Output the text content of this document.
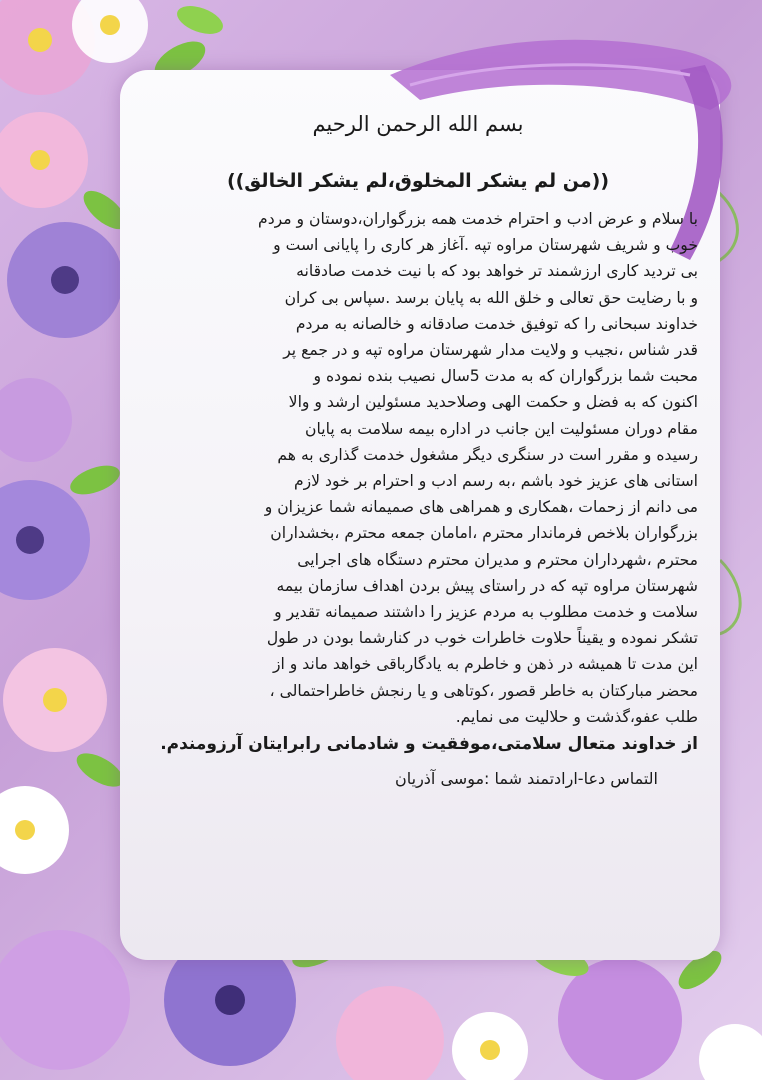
بسم الله الرحمن الرحیم

((من لم یشکر المخلوق،لم یشکر الخالق))

با سلام و عرض ادب و احترام خدمت همه بزرگواران،دوستان و مردم

خوب و شریف شهرستان مراوه تپه .آغاز هر کاری را پایانی است و

بی تردید کاری ارزشمند تر خواهد بود که با نیت خدمت صادقانه

و با رضایت حق تعالی و خلق الله به پایان برسد .سپاس بی کران

خداوند سبحانی را که توفیق خدمت صادقانه و خالصانه به مردم

قدر شناس ،نجیب و ولایت مدار شهرستان مراوه تپه و در جمع پر

محبت شما بزرگواران که به مدت 5سال نصیب بنده نموده و

اکنون که به فضل و حکمت الهی وصلاحدید مسئولین ارشد و والا

مقام دوران مسئولیت این جانب در اداره بیمه سلامت به پایان

رسیده و مقرر است در سنگری دیگر مشغول خدمت گذاری به هم

استانی های عزیز خود باشم ،به رسم ادب و احترام بر خود لازم

می دانم از زحمات ،همکاری و همراهی های صمیمانه شما عزیزان و

بزرگواران بلاخص فرماندار محترم ،امامان جمعه محترم ،بخشداران

محترم ،شهرداران محترم و مدیران محترم دستگاه های اجرایی

شهرستان مراوه تپه که در راستای پیش بردن اهداف سازمان بیمه

سلامت و خدمت مطلوب به مردم عزیز را داشتند صمیمانه تقدیر و

تشکر نموده و یقیناً حلاوت خاطرات خوب در کنارشما بودن در طول

این مدت تا همیشه در ذهن و خاطرم به یادگارباقی خواهد ماند و از

محضر مبارکتان به خاطر قصور ،کوتاهی و یا رنجش خاطراحتمالی ،

طلب عفو،گذشت و حلالیت می نمایم.

از خداوند متعال سلامتی،موفقیت و شادمانی رابرایتان آرزومندم.

التماس دعا-ارادتمند شما :موسی آذریان
